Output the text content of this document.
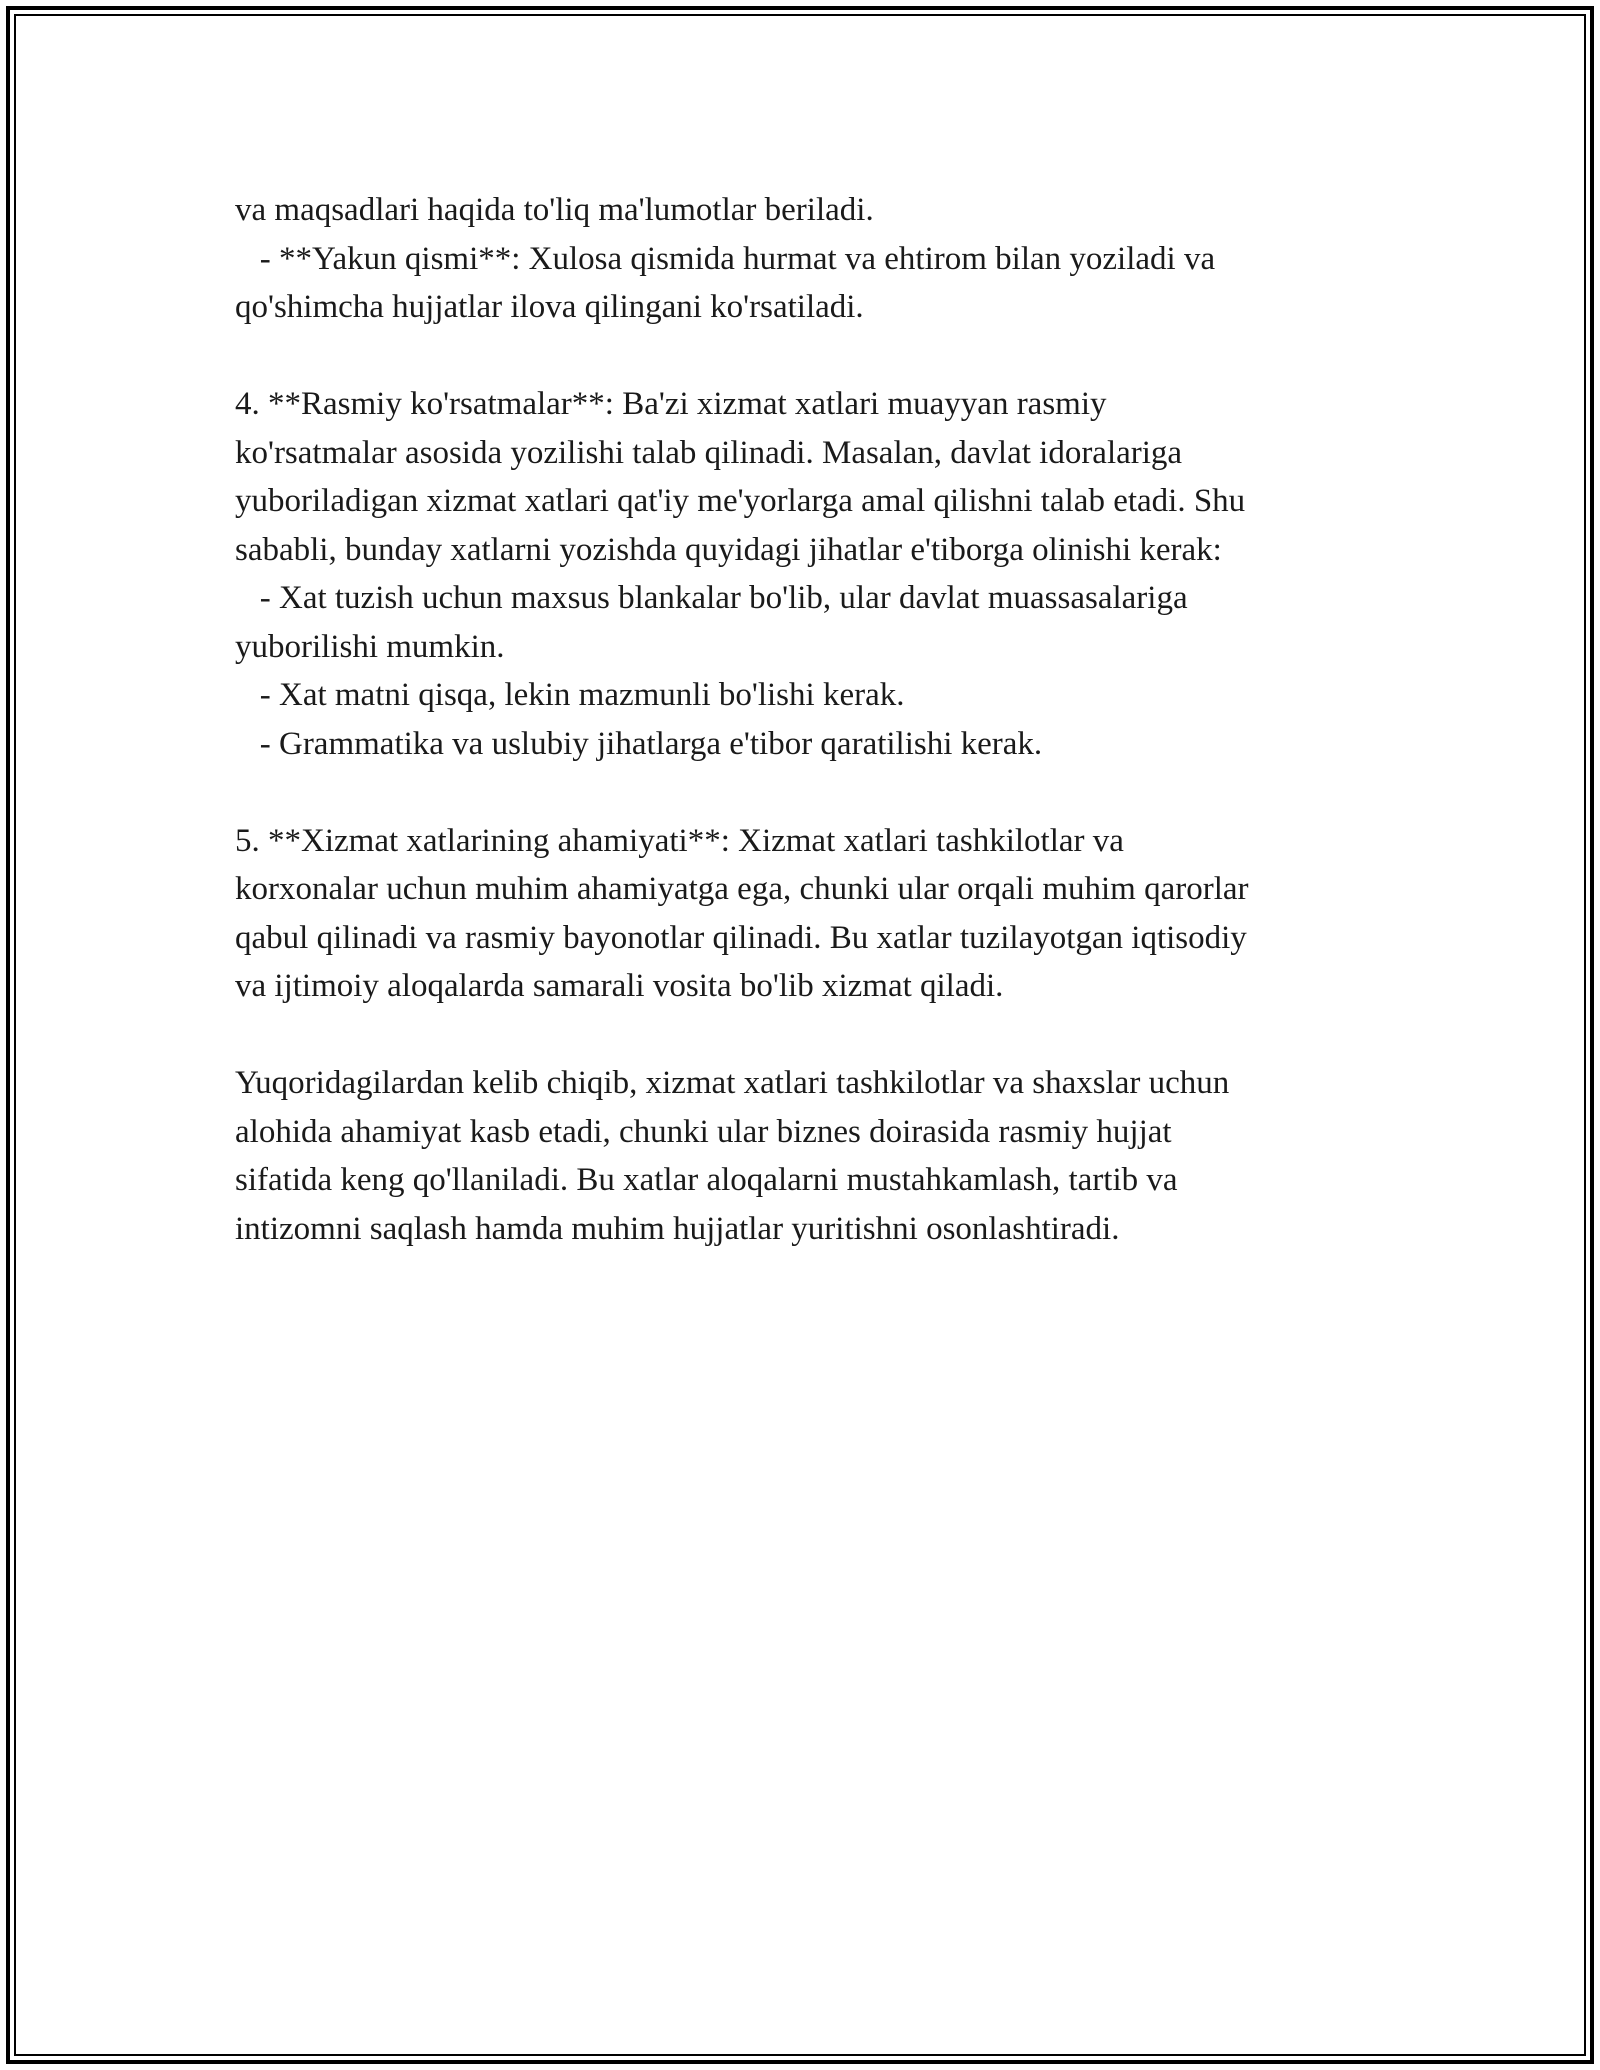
va maqsadlari haqida to'liq ma'lumotlar beriladi.
- **Yakun qismi**: Xulosa qismida hurmat va ehtirom bilan yoziladi va
qo'shimcha hujjatlar ilova qilingani ko'rsatiladi.
4. **Rasmiy ko'rsatmalar**: Ba'zi xizmat xatlari muayyan rasmiy
ko'rsatmalar asosida yozilishi talab qilinadi. Masalan, davlat idoralariga
yuboriladigan xizmat xatlari qat'iy me'yorlarga amal qilishni talab etadi. Shu
sababli, bunday xatlarni yozishda quyidagi jihatlar e'tiborga olinishi kerak:
- Xat tuzish uchun maxsus blankalar bo'lib, ular davlat muassasalariga
yuborilishi mumkin.
- Xat matni qisqa, lekin mazmunli bo'lishi kerak.
- Grammatika va uslubiy jihatlarga e'tibor qaratilishi kerak.
5. **Xizmat xatlarining ahamiyati**: Xizmat xatlari tashkilotlar va
korxonalar uchun muhim ahamiyatga ega, chunki ular orqali muhim qarorlar
qabul qilinadi va rasmiy bayonotlar qilinadi. Bu xatlar tuzilayotgan iqtisodiy
va ijtimoiy aloqalarda samarali vosita bo'lib xizmat qiladi.
Yuqoridagilardan kelib chiqib, xizmat xatlari tashkilotlar va shaxslar uchun
alohida ahamiyat kasb etadi, chunki ular biznes doirasida rasmiy hujjat
sifatida keng qo'llaniladi. Bu xatlar aloqalarni mustahkamlash, tartib va
intizomni saqlash hamda muhim hujjatlar yuritishni osonlashtiradi.
